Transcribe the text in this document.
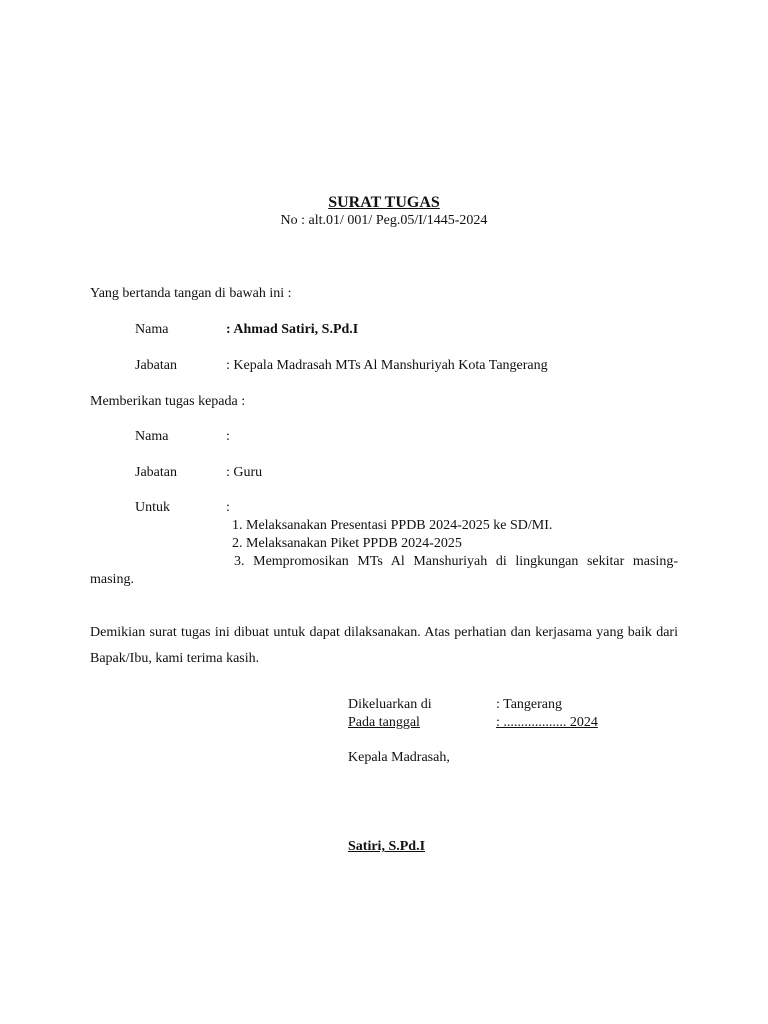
SURAT TUGAS
No : alt.01/ 001/ Peg.05/I/1445-2024
Yang bertanda tangan di bawah ini :
Nama	: Ahmad Satiri, S.Pd.I
Jabatan	: Kepala Madrasah MTs Al Manshuriyah Kota Tangerang
Memberikan tugas kepada :
Nama	:
Jabatan	: Guru
Untuk	:
1. Melaksanakan Presentasi PPDB 2024-2025 ke SD/MI.
2. Melaksanakan Piket PPDB 2024-2025
3. Mempromosikan MTs Al Manshuriyah di lingkungan sekitar masing-
masing.
Demikian surat tugas ini dibuat untuk dapat dilaksanakan. Atas perhatian dan kerjasama yang baik dari Bapak/Ibu, kami terima kasih.
Dikeluarkan di	: Tangerang
Pada tanggal	: .................. 2024
Kepala Madrasah,
Satiri, S.Pd.I
